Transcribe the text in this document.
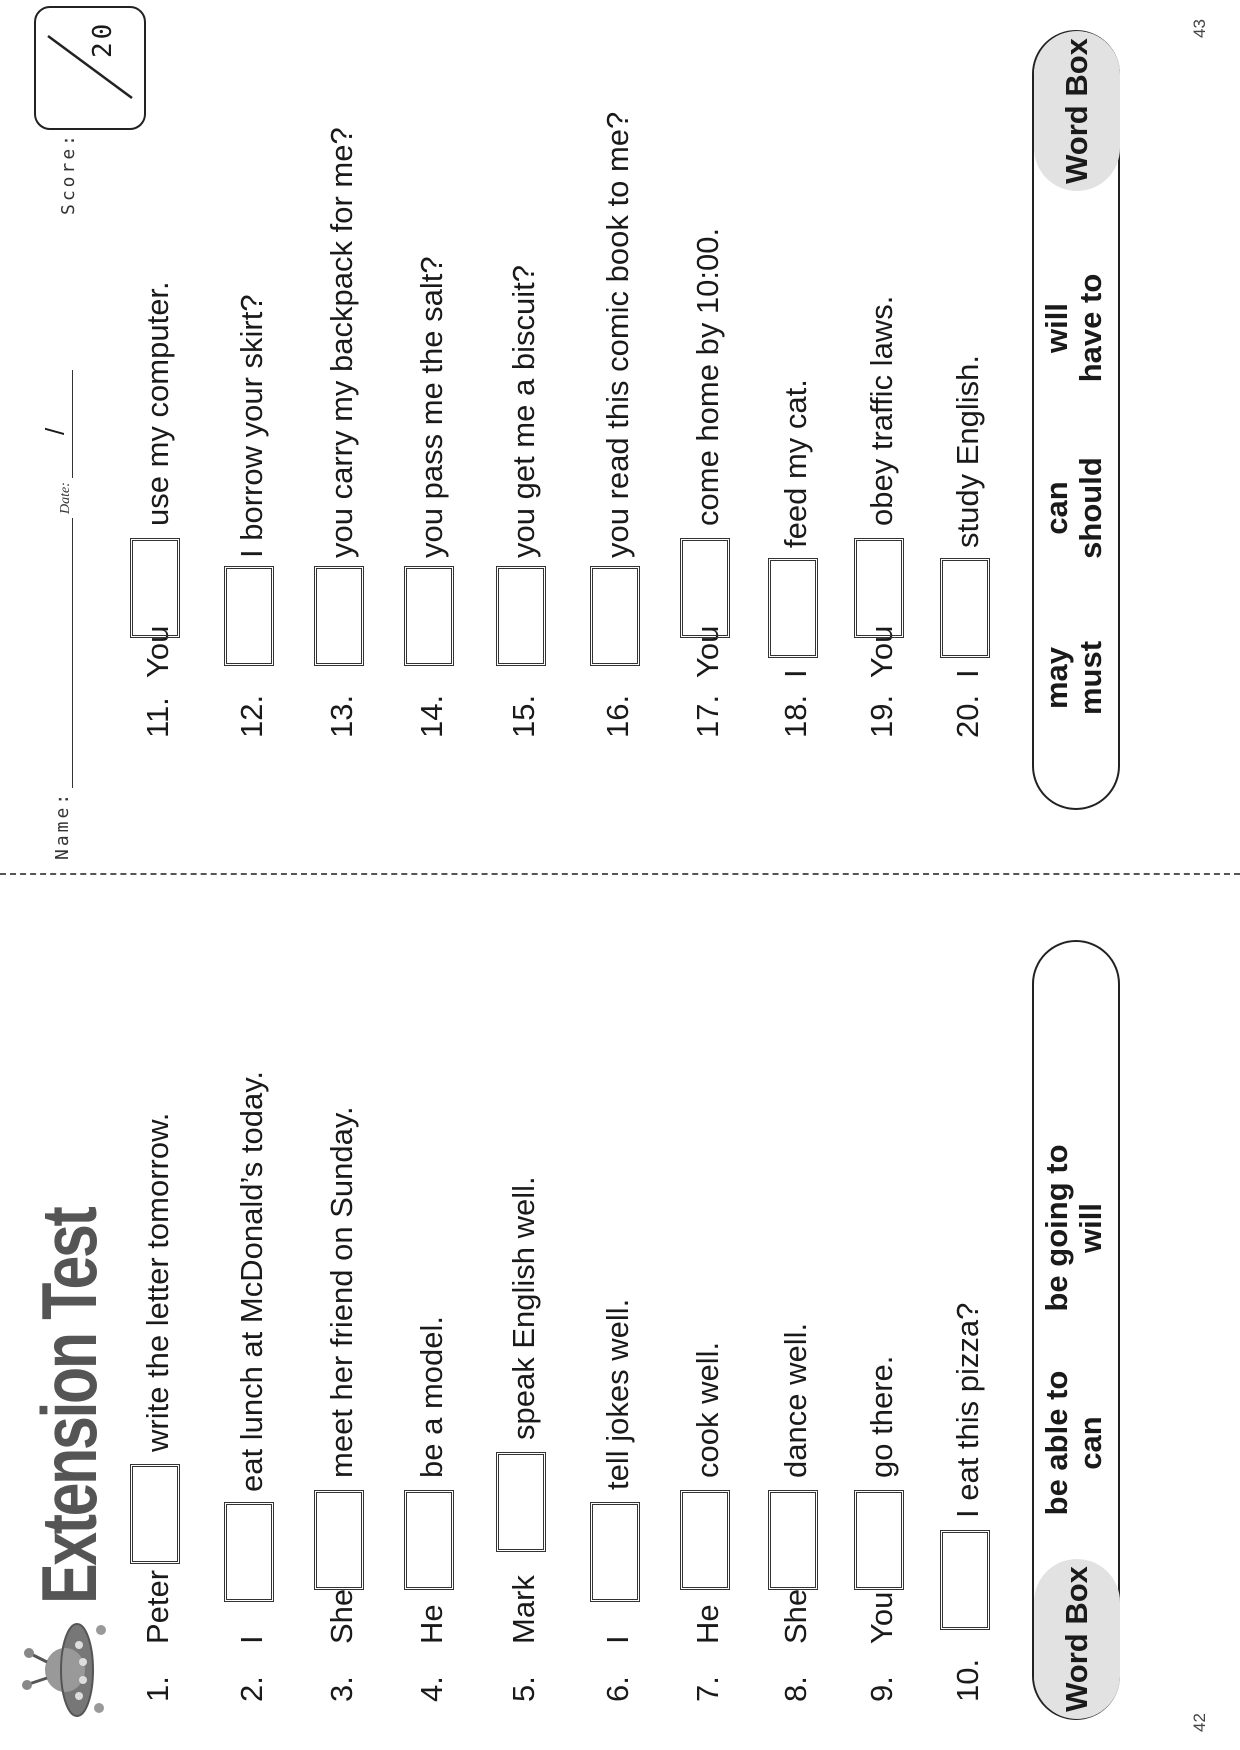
42
43
Extension Test
Name:
Date:
/
Score:
20
1.
Peter
write the letter tomorrow.
2.
I
eat lunch at McDonald’s today.
3.
She
meet her friend on Sunday.
4.
He
be a model.
5.
Mark
speak English well.
6.
I
tell jokes well.
7.
He
cook well.
8.
She
dance well.
9.
You
go there.
10.
I eat this pizza?
Word Box
be able to can
be going to will
11.
You
use my computer.
12.
I borrow your skirt?
13.
you carry my backpack for me?
14.
you pass me the salt?
15.
you get me a biscuit?
16.
you read this comic book to me?
17.
You
come home by 10:00.
18.
I
feed my cat.
19.
You
obey traffic laws.
20.
I
study English.
may must
can should
will have to
Word Box
